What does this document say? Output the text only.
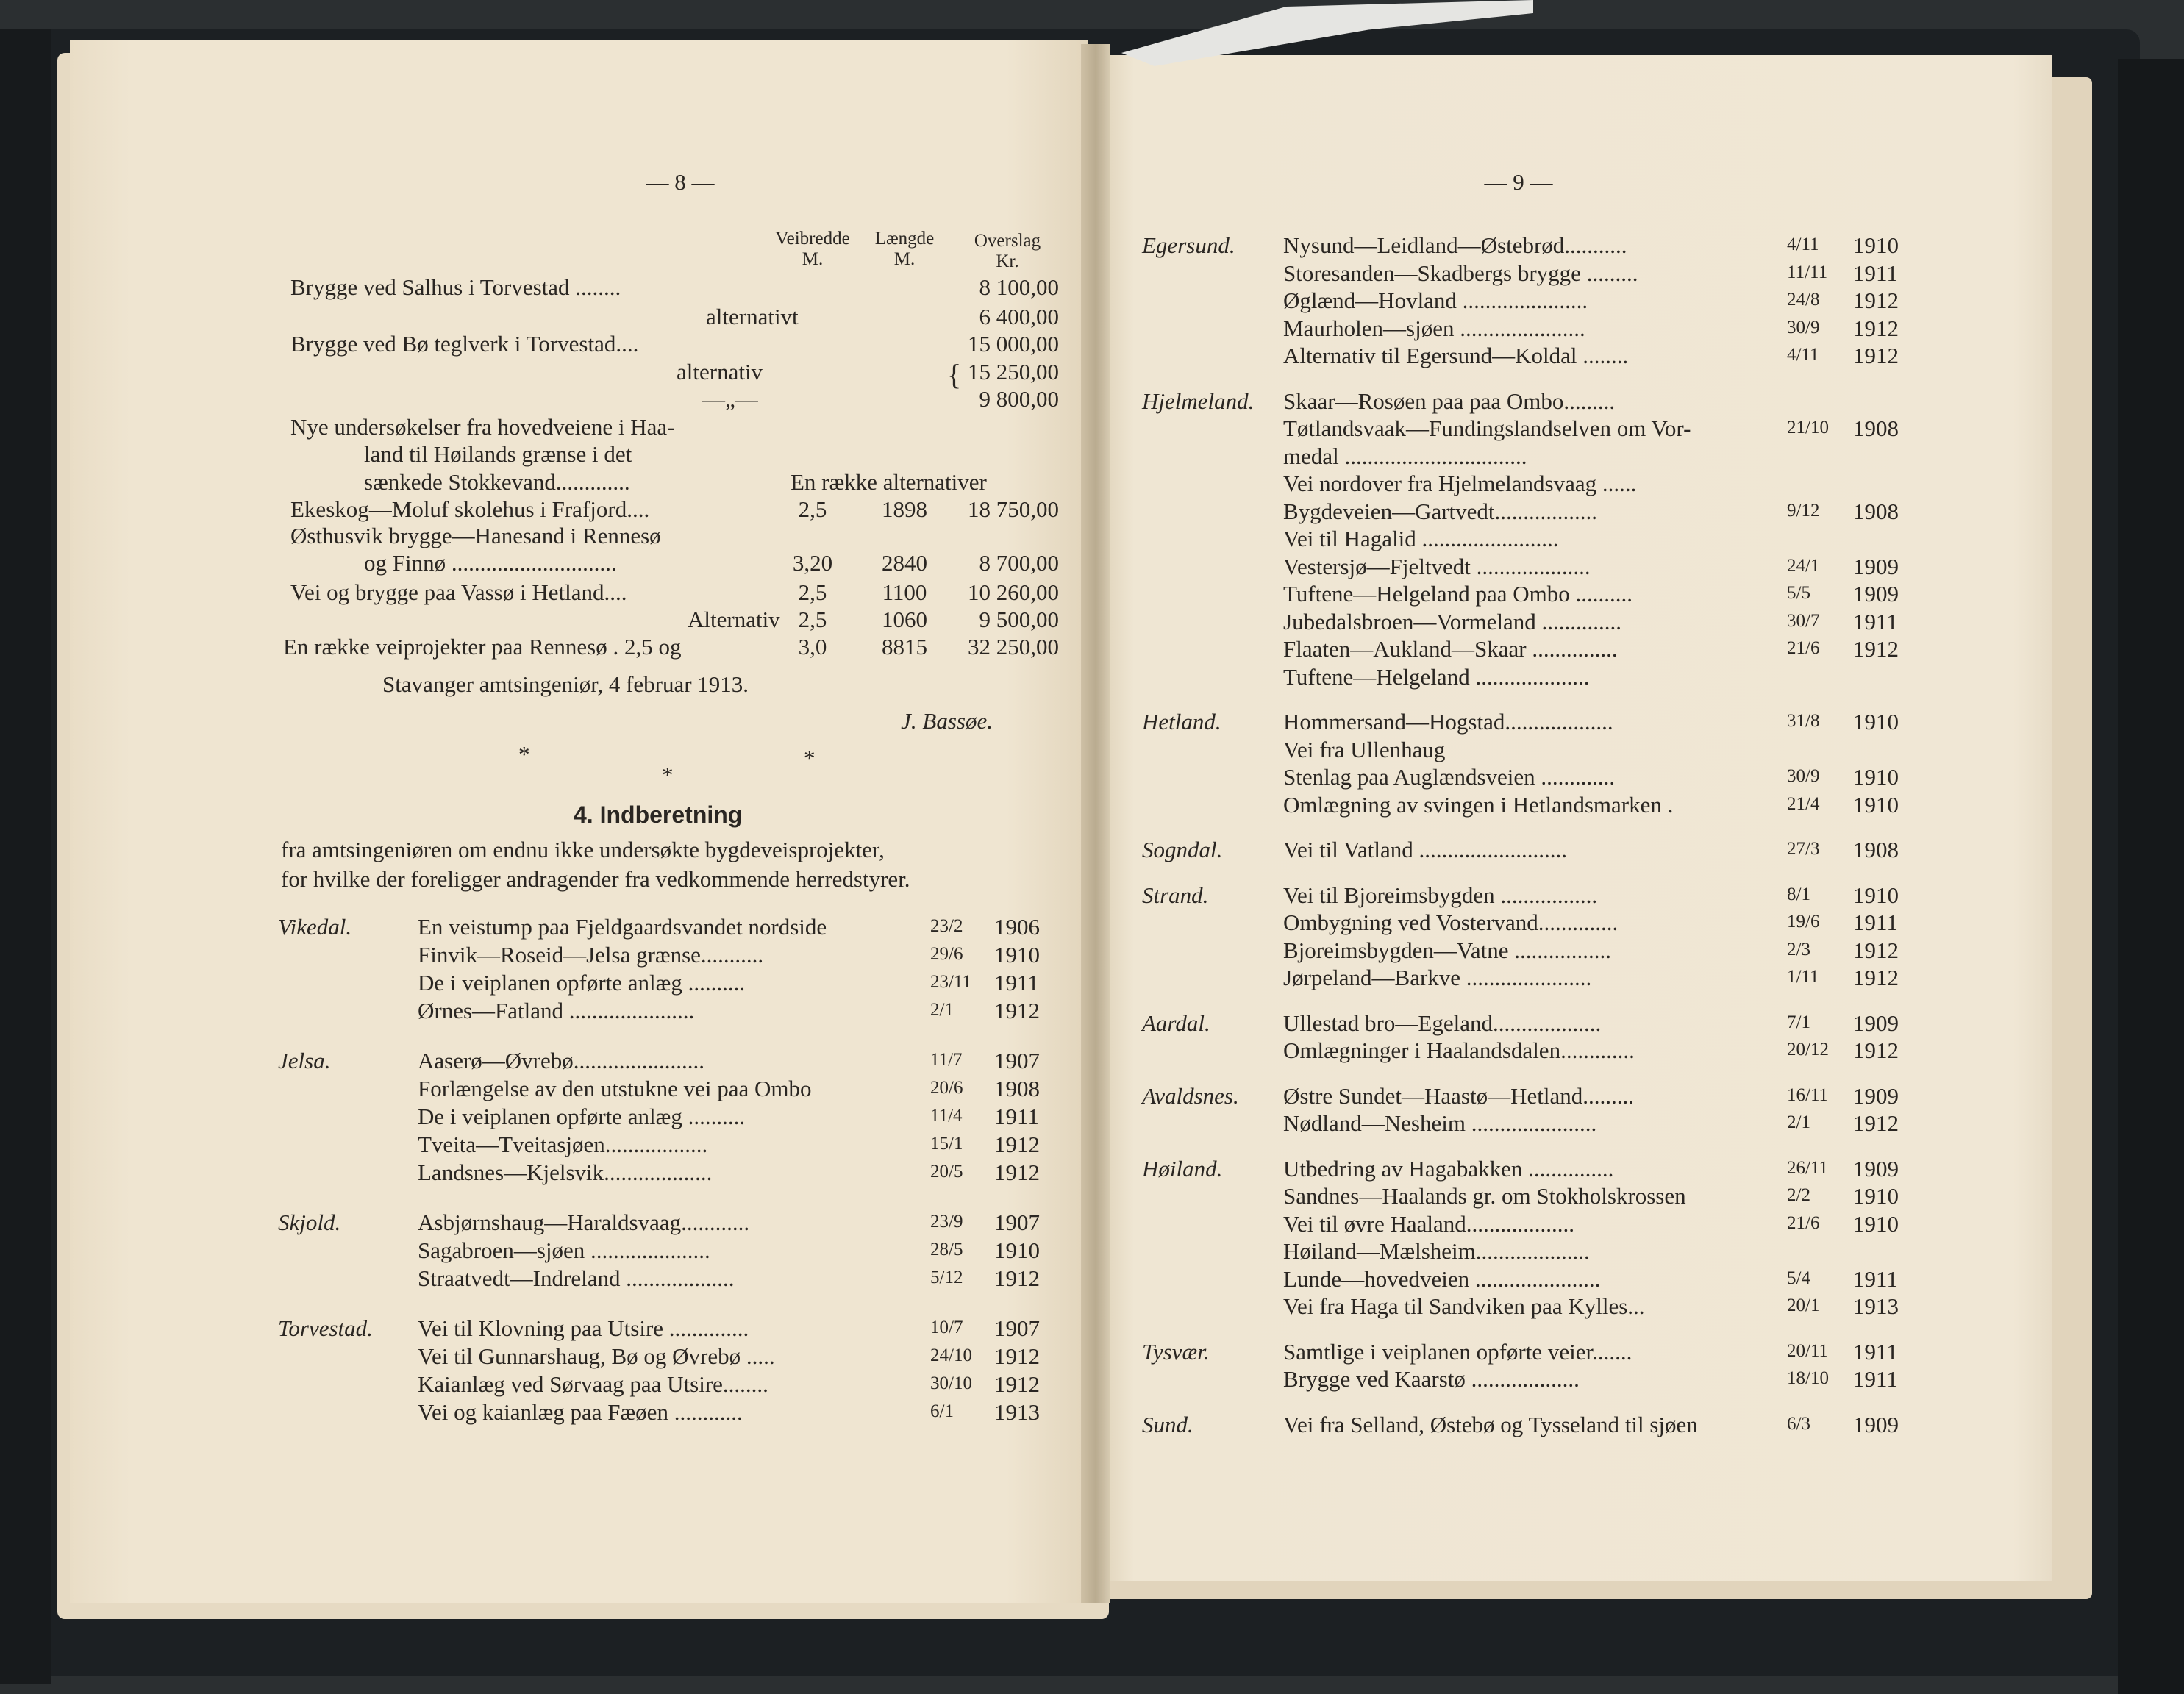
— 8 —
Veibredde
M.
Længde
M.
Overslag
Kr.
Brygge ved Salhus i Torvestad ........	8 100,00
alternativt	6 400,00
Brygge ved Bø teglverk i Torvestad....	15 000,00
alternativ	15 250,00
—„—	9 800,00
Nye undersøkelser fra hovedveiene i Haa-
land til Høilands grænse i det
sænkede Stokkevand.............	En række alternativer
Ekeskog—Moluf skolehus i Frafjord....	2,5	1898	18 750,00
Østhusvik brygge—Hanesand i Rennesø
og Finnø .............................	3,20	2840	8 700,00
Vei og brygge paa Vassø i Hetland....	2,5	1100	10 260,00
Alternativ 2,5	1060	9 500,00
En række veiprojekter paa Rennesø . 2,5 og	3,0	8815	32 250,00
{
Stavanger amtsingeniør, 4 februar 1913.
J. Bassøe.
*
*
*
4. Indberetning
fra amtsingeniøren om endnu ikke undersøkte bygdeveisprojekter,
for hvilke der foreligger andragender fra vedkommende herredstyrer.
Vikedal.	En veistump paa Fjeldgaardsvandet nordside	23/2 1906
Finvik—Roseid—Jelsa grænse...........	29/6 1910
De i veiplanen opførte anlæg ..........	23/11 1911
Ørnes—Fatland ......................	2/1 1912
Jelsa.	Aaserø—Øvrebø.......................	11/7 1907
Forlængelse av den utstukne vei paa Ombo	20/6 1908
De i veiplanen opførte anlæg ..........	11/4 1911
Tveita—Tveitasjøen..................	15/1 1912
Landsnes—Kjelsvik...................	20/5 1912
Skjold.	Asbjørnshaug—Haraldsvaag............	23/9 1907
Sagabroen—sjøen .....................	28/5 1910
Straatvedt—Indreland ...................	5/12 1912
Torvestad. Vei til Klovning paa Utsire ..............	10/7 1907
Vei til Gunnarshaug, Bø og Øvrebø .....	24/10 1912
Kaianlæg ved Sørvaag paa Utsire........	30/10 1912
Vei og kaianlæg paa Fæøen ............	6/1 1913
— 9 —
Egersund. Nysund—Leidland—Østebrød...........	4/11 1910
Storesanden—Skadbergs brygge .........	11/11 1911
Øglænd—Hovland ......................	24/8 1912
Maurholen—sjøen ......................	30/9 1912
Alternativ til Egersund—Koldal ........	4/11 1912
Hjelmeland. Skaar—Rosøen paa paa Ombo.........
Tøtlandsvaak—Fundingslandselven om Vor-	21/10 1908
medal ................................
Vei nordover fra Hjelmelandsvaag ......
Bygdeveien—Gartvedt..................	9/12 1908
Vei til Hagalid ........................
Vestersjø—Fjeltvedt ....................	24/1 1909
Tuftene—Helgeland paa Ombo ..........	5/5 1909
Jubedalsbroen—Vormeland ..............	30/7 1911
Flaaten—Aukland—Skaar ...............	21/6 1912
Tuftene—Helgeland ....................
Hetland.	Hommersand—Hogstad...................	31/8 1910
Vei fra Ullenhaug
Stenlag paa Auglændsveien .............	30/9 1910
Omlægning av svingen i Hetlandsmarken .	21/4 1910
Sogndal.	Vei til Vatland ..........................	27/3 1908
Strand.	Vei til Bjoreimsbygden .................	8/1 1910
Ombygning ved Vostervand..............	19/6 1911
Bjoreimsbygden—Vatne .................	2/3 1912
Jørpeland—Barkve ......................	1/11 1912
Aardal.	Ullestad bro—Egeland...................	7/1 1909
Omlægninger i Haalandsdalen.............	20/12 1912
Avaldsnes. Østre Sundet—Haastø—Hetland.........	16/11 1909
Nødland—Nesheim ......................	2/1 1912
Høiland.	Utbedring av Hagabakken ...............	26/11 1909
Sandnes—Haalands gr. om Stokholskrossen	2/2 1910
Vei til øvre Haaland...................	21/6 1910
Høiland—Mælsheim....................
Lunde—hovedveien ......................	5/4 1911
Vei fra Haga til Sandviken paa Kylles...	20/1 1913
Tysvær.	Samtlige i veiplanen opførte veier.......	20/11 1911
Brygge ved Kaarstø ...................	18/10 1911
Sund.	Vei fra Selland, Østebø og Tysseland til sjøen	6/3 1909
